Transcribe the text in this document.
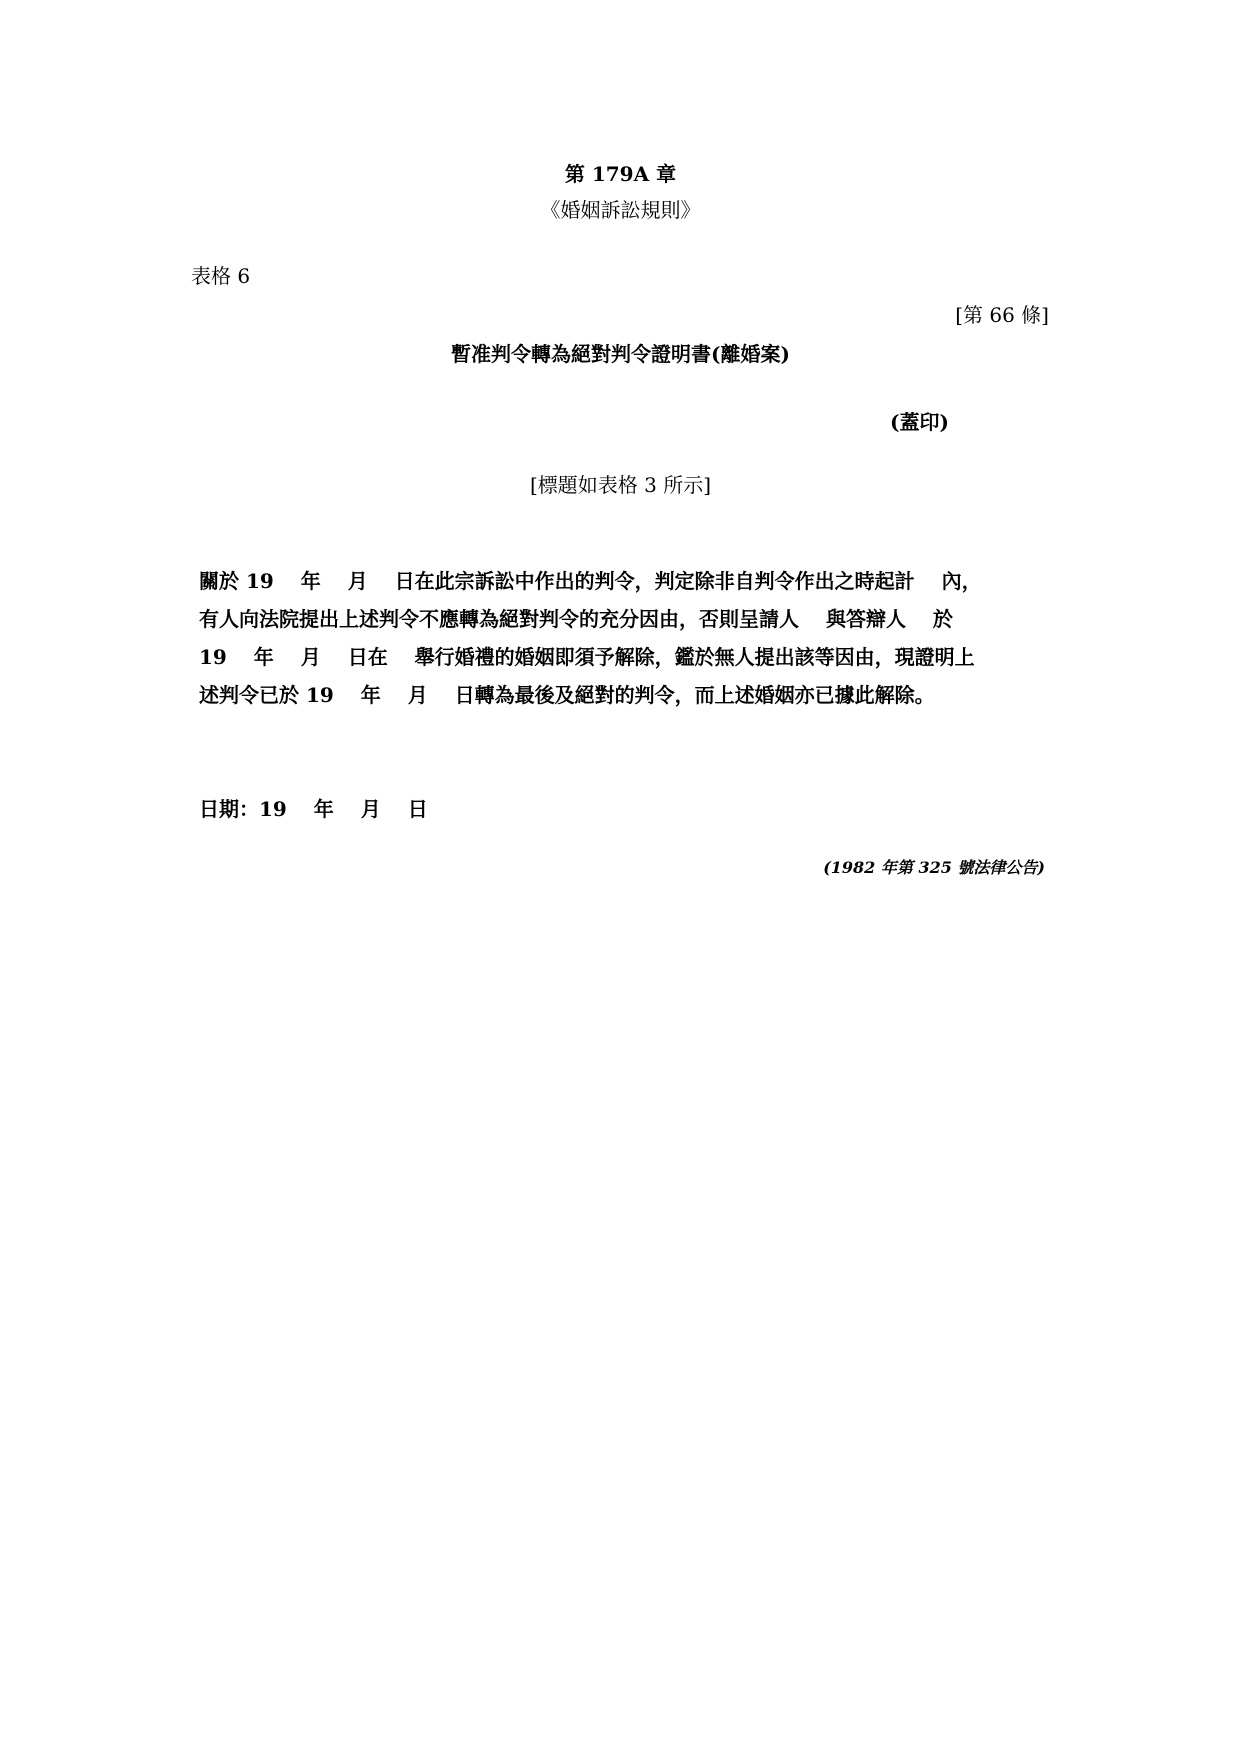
第 179A 章
《婚姻訴訟規則》
表格 6
[第 66 條]
暫准判令轉為絕對判令證明書(離婚案)
(蓋印)
[標題如表格 3 所示]
關於 19　 年　 月　 日在此宗訴訟中作出的判令，判定除非自判令作出之時起計　 內，
有人向法院提出上述判令不應轉為絕對判令的充分因由，否則呈請人　 與答辯人　 於
19　 年　 月　 日在　 舉行婚禮的婚姻即須予解除，鑑於無人提出該等因由，現證明上
述判令已於 19　 年　 月　 日轉為最後及絕對的判令，而上述婚姻亦已據此解除。
日期：19　 年　 月　 日
(1982 年第 325 號法律公告)
